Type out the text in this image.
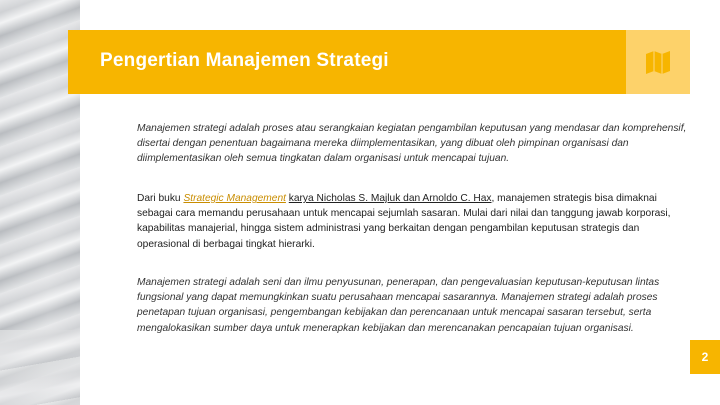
Pengertian Manajemen Strategi

Manajemen strategi adalah proses atau serangkaian kegiatan pengambilan keputusan yang mendasar dan komprehensif, disertai dengan penentuan bagaimana mereka diimplementasikan, yang dibuat oleh pimpinan organisasi dan diimplementasikan oleh semua tingkatan dalam organisasi untuk mencapai tujuan.

Dari buku Strategic Management karya Nicholas S. Majluk dan Arnoldo C. Hax, manajemen strategis bisa dimaknai sebagai cara memandu perusahaan untuk mencapai sejumlah sasaran. Mulai dari nilai dan tanggung jawab korporasi, kapabilitas manajerial, hingga sistem administrasi yang berkaitan dengan pengambilan keputusan strategis dan operasional di berbagai tingkat hierarki.

Manajemen strategi adalah seni dan ilmu penyusunan, penerapan, dan pengevaluasian keputusan-keputusan lintas fungsional yang dapat memungkinkan suatu perusahaan mencapai sasarannya. Manajemen strategi adalah proses penetapan tujuan organisasi, pengembangan kebijakan dan perencanaan untuk mencapai sasaran tersebut, serta mengalokasikan sumber daya untuk menerapkan kebijakan dan merencanakan pencapaian tujuan organisasi.

2
